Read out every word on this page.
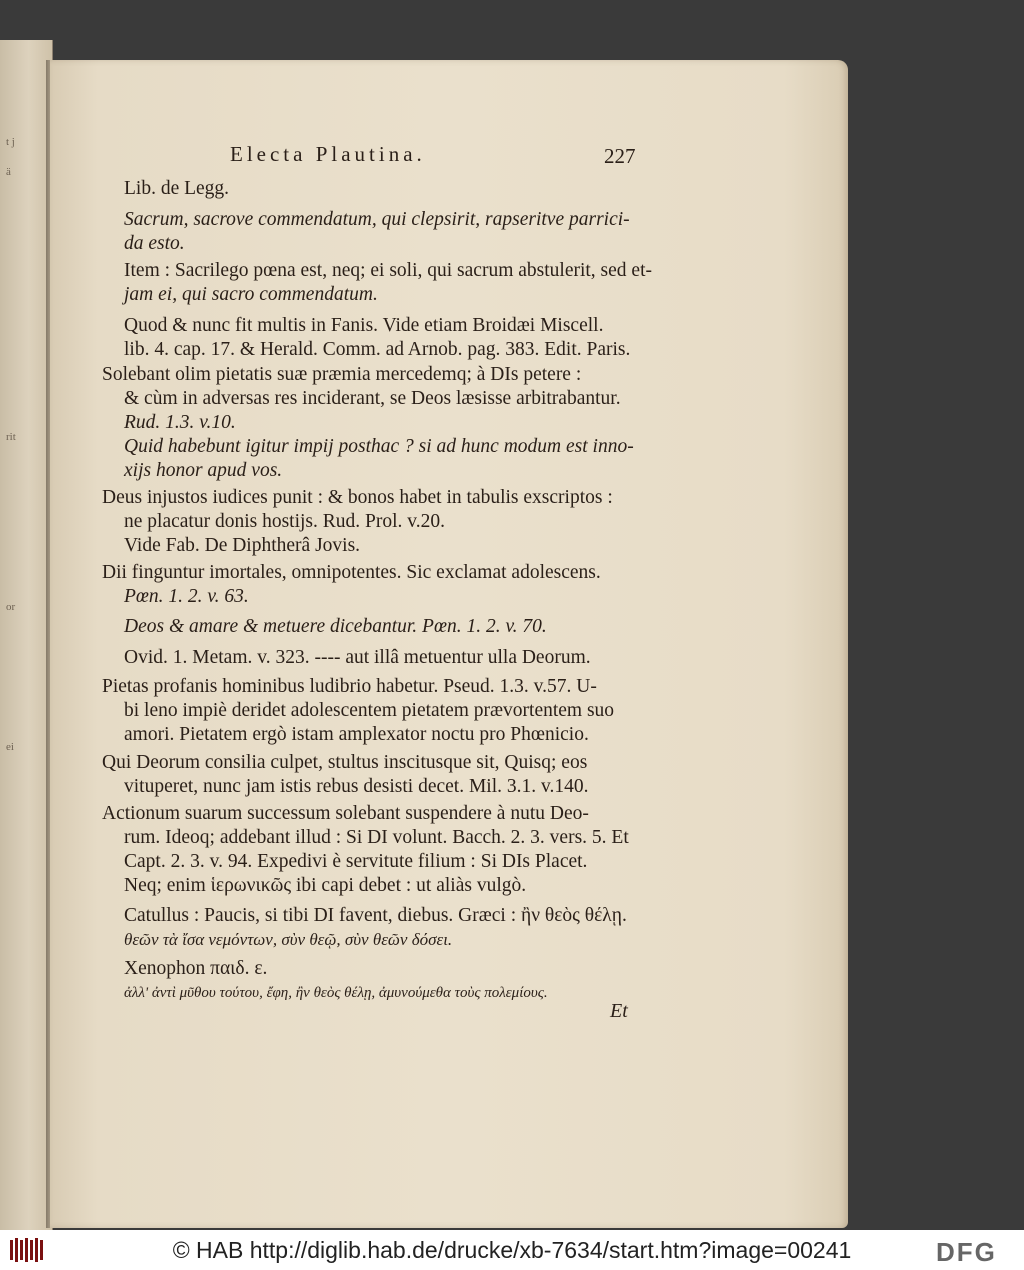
t j
ä
rit
or
ei
Electa Plautina.	227
Lib. de Legg.
Sacrum, sacrove commendatum, qui clepsirit, rapseritve parrici-
da esto.
Item : Sacrilego pœna est, neq; ei soli, qui sacrum abstulerit, sed et-
jam ei, qui sacro commendatum.
Quod & nunc fit multis in Fanis. Vide etiam Broidæi Miscell.
lib. 4. cap. 17. & Herald. Comm. ad Arnob. pag. 383. Edit. Paris.
Solebant olim pietatis suæ præmia mercedemq; à DIs petere :
& cùm in adversas res inciderant, se Deos læsisse arbitrabantur.
Rud. 1.3. v.10.
Quid habebunt igitur impij posthac ? si ad hunc modum est inno-
xijs honor apud vos.
Deus injustos iudices punit : & bonos habet in tabulis exscriptos :
ne placatur donis hostijs. Rud. Prol. v.20.
Vide Fab. De Diphtherâ Jovis.
Dii finguntur imortales, omnipotentes. Sic exclamat adolescens.
Pœn. 1. 2. v. 63.
Deos & amare & metuere dicebantur. Pœn. 1. 2. v. 70.
Ovid. 1. Metam. v. 323. ---- aut illâ metuentur ulla Deorum.
Pietas profanis hominibus ludibrio habetur. Pseud. 1.3. v.57. U-
bi leno impiè deridet adolescentem pietatem prævortentem suo
amori. Pietatem ergò istam amplexator noctu pro Phœnicio.
Qui Deorum consilia culpet, stultus inscitusque sit, Quisq; eos
vituperet, nunc jam istis rebus desisti decet. Mil. 3.1. v.140.
Actionum suarum successum solebant suspendere à nutu Deo-
rum. Ideoq; addebant illud : Si DI volunt. Bacch. 2. 3. vers. 5. Et
Capt. 2. 3. v. 94. Expedivi è servitute filium : Si DIs Placet.
Neq; enim ἱερωνικῶς ibi capi debet : ut aliàs vulgò.
Catullus : Paucis, si tibi DI favent, diebus. Græci : ἢν θεὸς θέλῃ.
θεῶν τὰ ἴσα νεμόντων, σὺν θεῷ, σὺν θεῶν δόσει.
Xenophon παιδ. ε.
ἀλλ' ἀντὶ μῦθου τούτου, ἔφη, ἢν θεὸς θέλῃ, ἀμυνούμεθα τοὺς πολεμίους.
Et
© HAB http://diglib.hab.de/drucke/xb-7634/start.htm?image=00241	DFG
